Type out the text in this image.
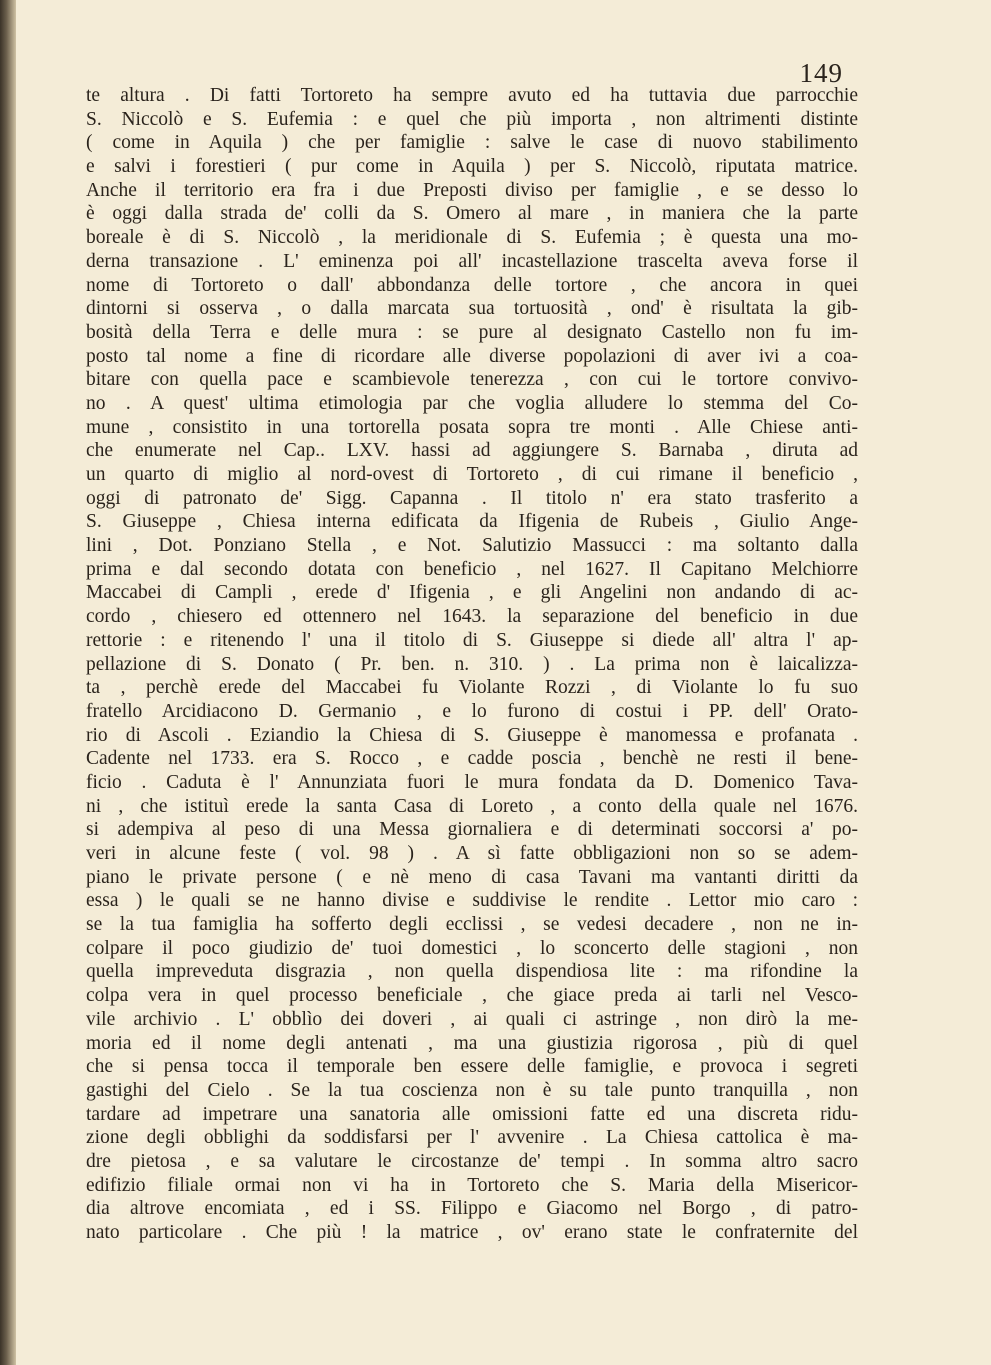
149
te altura . Di fatti Tortoreto ha sempre avuto ed ha tuttavia due parrocchie
S. Niccolò e S. Eufemia : e quel che più importa , non altrimenti distinte
( come in Aquila ) che per famiglie : salve le case di nuovo stabilimento
e salvi i forestieri ( pur come in Aquila ) per S. Niccolò, riputata matrice.
Anche il territorio era fra i due Preposti diviso per famiglie , e se desso lo
è oggi dalla strada de' colli da S. Omero al mare , in maniera che la parte
boreale è di S. Niccolò , la meridionale di S. Eufemia ; è questa una mo-
derna transazione . L' eminenza poi all' incastellazione trascelta aveva forse il
nome di Tortoreto o dall' abbondanza delle tortore , che ancora in quei
dintorni si osserva , o dalla marcata sua tortuosità , ond' è risultata la gib-
bosità della Terra e delle mura : se pure al designato Castello non fu im-
posto tal nome a fine di ricordare alle diverse popolazioni di aver ivi a coa-
bitare con quella pace e scambievole tenerezza , con cui le tortore convivo-
no . A quest' ultima etimologia par che voglia alludere lo stemma del Co-
mune , consistito in una tortorella posata sopra tre monti . Alle Chiese anti-
che enumerate nel Cap.. LXV. hassi ad aggiungere S. Barnaba , diruta ad
un quarto di miglio al nord-ovest di Tortoreto , di cui rimane il beneficio ,
oggi di patronato de' Sigg. Capanna . Il titolo n' era stato trasferito a
S. Giuseppe , Chiesa interna edificata da Ifigenia de Rubeis , Giulio Ange-
lini , Dot. Ponziano Stella , e Not. Salutizio Massucci : ma soltanto dalla
prima e dal secondo dotata con beneficio , nel 1627. Il Capitano Melchiorre
Maccabei di Campli , erede d' Ifigenia , e gli Angelini non andando di ac-
cordo , chiesero ed ottennero nel 1643. la separazione del beneficio in due
rettorie : e ritenendo l' una il titolo di S. Giuseppe si diede all' altra l' ap-
pellazione di S. Donato ( Pr. ben. n. 310. ) . La prima non è laicalizza-
ta , perchè erede del Maccabei fu Violante Rozzi , di Violante lo fu suo
fratello Arcidiacono D. Germanio , e lo furono di costui i PP. dell' Orato-
rio di Ascoli . Eziandio la Chiesa di S. Giuseppe è manomessa e profanata .
Cadente nel 1733. era S. Rocco , e cadde poscia , benchè ne resti il bene-
ficio . Caduta è l' Annunziata fuori le mura fondata da D. Domenico Tava-
ni , che istituì erede la santa Casa di Loreto , a conto della quale nel 1676.
si adempiva al peso di una Messa giornaliera e di determinati soccorsi a' po-
veri in alcune feste ( vol. 98 ) . A sì fatte obbligazioni non so se adem-
piano le private persone ( e nè meno di casa Tavani ma vantanti diritti da
essa ) le quali se ne hanno divise e suddivise le rendite . Lettor mio caro :
se la tua famiglia ha sofferto degli ecclissi , se vedesi decadere , non ne in-
colpare il poco giudizio de' tuoi domestici , lo sconcerto delle stagioni , non
quella impreveduta disgrazia , non quella dispendiosa lite : ma rifondine la
colpa vera in quel processo beneficiale , che giace preda ai tarli nel Vesco-
vile archivio . L' obblìo dei doveri , ai quali ci astringe , non dirò la me-
moria ed il nome degli antenati , ma una giustizia rigorosa , più di quel
che si pensa tocca il temporale ben essere delle famiglie, e provoca i segreti
gastighi del Cielo . Se la tua coscienza non è su tale punto tranquilla , non
tardare ad impetrare una sanatoria alle omissioni fatte ed una discreta ridu-
zione degli obblighi da soddisfarsi per l' avvenire . La Chiesa cattolica è ma-
dre pietosa , e sa valutare le circostanze de' tempi . In somma altro sacro
edifizio filiale ormai non vi ha in Tortoreto che S. Maria della Misericor-
dia altrove encomiata , ed i SS. Filippo e Giacomo nel Borgo , di patro-
nato particolare . Che più ! la matrice , ov' erano state le confraternite del
